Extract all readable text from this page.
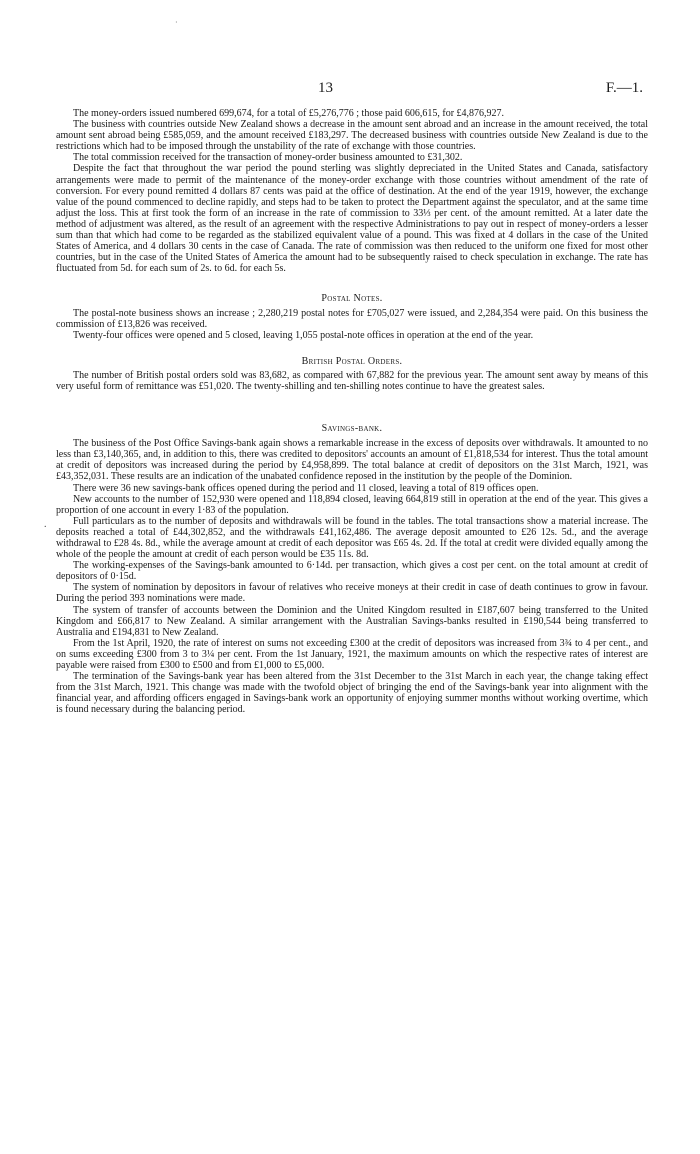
·
13	F.—1.
.

The money-orders issued numbered 699,674, for a total of £5,276,776 ; those paid 606,615, for £4,876,927.

The business with countries outside New Zealand shows a decrease in the amount sent abroad and an increase in the amount received, the total amount sent abroad being £585,059, and the amount received £183,297. The decreased business with countries outside New Zealand is due to the restrictions which had to be imposed through the unstability of the rate of exchange with those countries.

The total commission received for the transaction of money-order business amounted to £31,302.

Despite the fact that throughout the war period the pound sterling was slightly depreciated in the United States and Canada, satisfactory arrangements were made to permit of the maintenance of the money-order exchange with those countries without amendment of the rate of conversion. For every pound remitted 4 dollars 87 cents was paid at the office of destination. At the end of the year 1919, however, the exchange value of the pound commenced to decline rapidly, and steps had to be taken to protect the Department against the speculator, and at the same time adjust the loss. This at first took the form of an increase in the rate of commission to 33⅓ per cent. of the amount remitted. At a later date the method of adjustment was altered, as the result of an agreement with the respective Administrations to pay out in respect of money-orders a lesser sum than that which had come to be regarded as the stabilized equivalent value of a pound. This was fixed at 4 dollars in the case of the United States of America, and 4 dollars 30 cents in the case of Canada. The rate of commission was then reduced to the uniform one fixed for most other countries, but in the case of the United States of America the amount had to be subsequently raised to check speculation in exchange. The rate has fluctuated from 5d. for each sum of 2s. to 6d. for each 5s.

Postal Notes.

The postal-note business shows an increase ; 2,280,219 postal notes for £705,027 were issued, and 2,284,354 were paid. On this business the commission of £13,826 was received.

Twenty-four offices were opened and 5 closed, leaving 1,055 postal-note offices in operation at the end of the year.

British Postal Orders.

The number of British postal orders sold was 83,682, as compared with 67,882 for the previous year. The amount sent away by means of this very useful form of remittance was £51,020. The twenty-shilling and ten-shilling notes continue to have the greatest sales.

Savings-bank.

The business of the Post Office Savings-bank again shows a remarkable increase in the excess of deposits over withdrawals. It amounted to no less than £3,140,365, and, in addition to this, there was credited to depositors' accounts an amount of £1,818,534 for interest. Thus the total amount at credit of depositors was increased during the period by £4,958,899. The total balance at credit of depositors on the 31st March, 1921, was £43,352,031. These results are an indication of the unabated confidence reposed in the institution by the people of the Dominion.

There were 36 new savings-bank offices opened during the period and 11 closed, leaving a total of 819 offices open.

New accounts to the number of 152,930 were opened and 118,894 closed, leaving 664,819 still in operation at the end of the year. This gives a proportion of one account in every 1·83 of the population.

Full particulars as to the number of deposits and withdrawals will be found in the tables. The total transactions show a material increase. The deposits reached a total of £44,302,852, and the withdrawals £41,162,486. The average deposit amounted to £26 12s. 5d., and the average withdrawal to £28 4s. 8d., while the average amount at credit of each depositor was £65 4s. 2d. If the total at credit were divided equally among the whole of the people the amount at credit of each person would be £35 11s. 8d.

The working-expenses of the Savings-bank amounted to 6·14d. per transaction, which gives a cost per cent. on the total amount at credit of depositors of 0·15d.

The system of nomination by depositors in favour of relatives who receive moneys at their credit in case of death continues to grow in favour. During the period 393 nominations were made.

The system of transfer of accounts between the Dominion and the United Kingdom resulted in £187,607 being transferred to the United Kingdom and £66,817 to New Zealand. A similar arrangement with the Australian Savings-banks resulted in £190,544 being transferred to Australia and £194,831 to New Zealand.

From the 1st April, 1920, the rate of interest on sums not exceeding £300 at the credit of depositors was increased from 3¾ to 4 per cent., and on sums exceeding £300 from 3 to 3¼ per cent. From the 1st January, 1921, the maximum amounts on which the respective rates of interest are payable were raised from £300 to £500 and from £1,000 to £5,000.

The termination of the Savings-bank year has been altered from the 31st December to the 31st March in each year, the change taking effect from the 31st March, 1921. This change was made with the twofold object of bringing the end of the Savings-bank year into alignment with the financial year, and affording officers engaged in Savings-bank work an opportunity of enjoying summer months without working overtime, which is found necessary during the balancing period.
